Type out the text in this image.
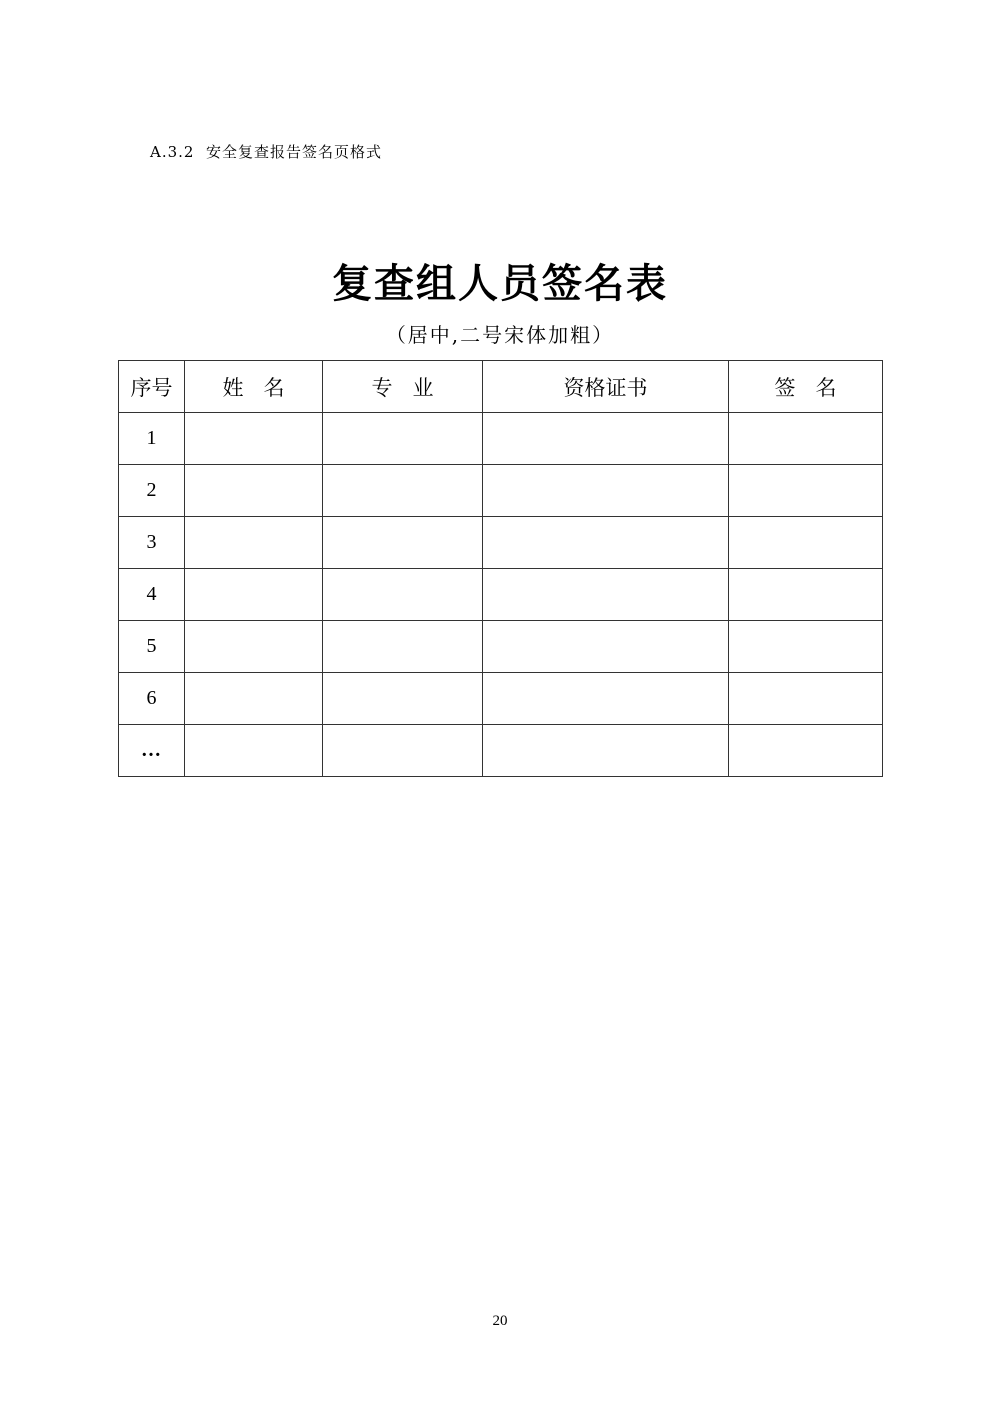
A.3.2  安全复查报告签名页格式
复查组人员签名表
（居中,二号宋体加粗）
序号	姓   名	专   业	资格证书	签   名
1				
2				
3				
4				
5				
6				
…				
20
